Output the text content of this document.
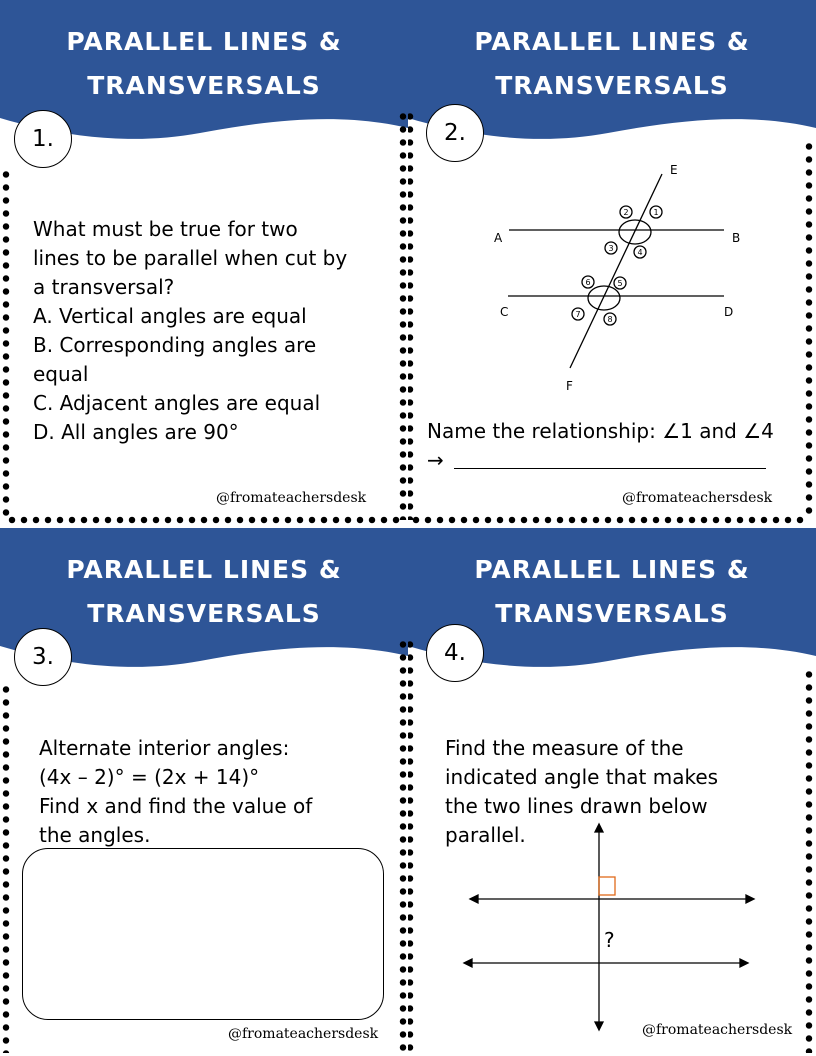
PARALLEL LINES &
TRANSVERSALS
1.
What must be true for two
lines to be parallel when cut by
a transversal?
A. Vertical angles are equal
B. Corresponding angles are
equal
C. Adjacent angles are equal
D. All angles are 90°
@fromateachersdesk
PARALLEL LINES &
TRANSVERSALS
2.
E
A	B
C	D
F
1
2
3	4
5
6
7
8
Name the relationship: ∠1 and ∠4
→
@fromateachersdesk
PARALLEL LINES &
TRANSVERSALS
3.
Alternate interior angles:
(4x – 2)° = (2x + 14)°
Find x and find the value of
the angles.
@fromateachersdesk
PARALLEL LINES &
TRANSVERSALS
4.
Find the measure of the
indicated angle that makes
the two lines drawn below
parallel.
?
@fromateachersdesk
